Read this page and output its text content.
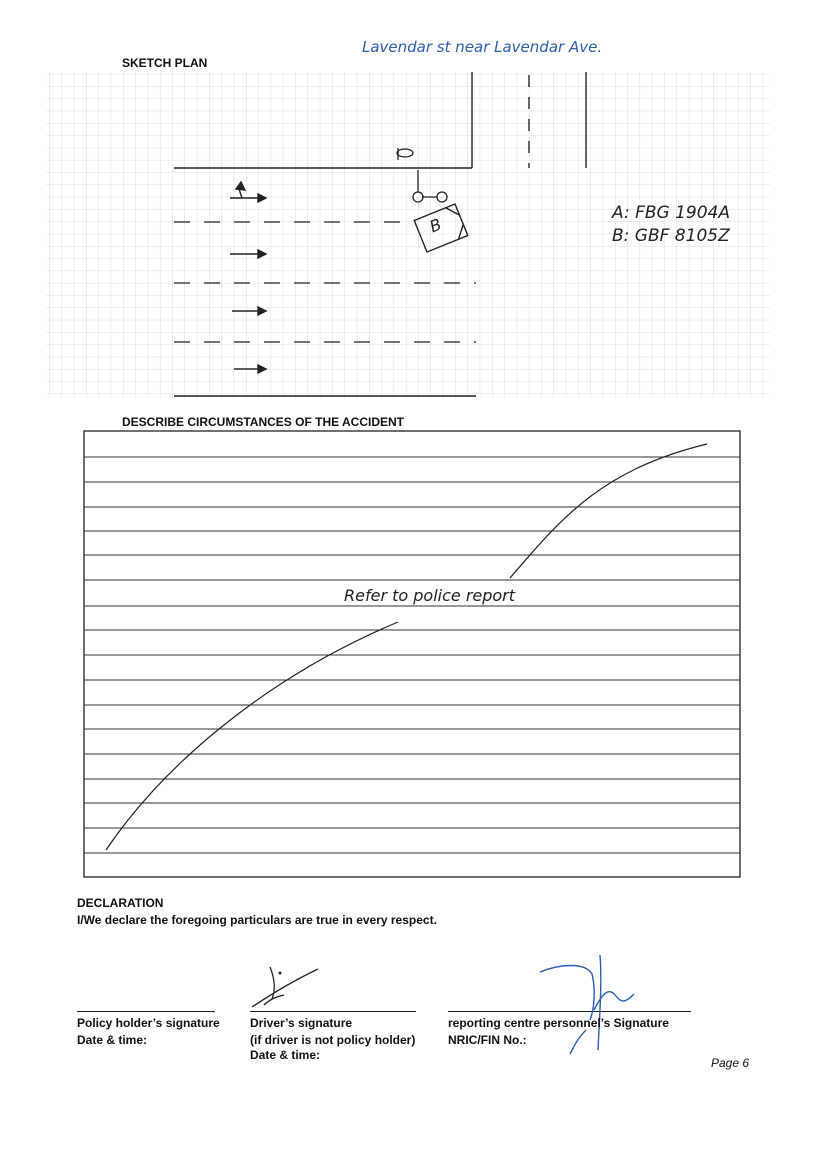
SKETCH PLAN
Lavendar st near Lavendar Ave.
B
A: FBG 1904A
B: GBF 8105Z
DESCRIBE CIRCUMSTANCES OF THE ACCIDENT
Refer to police report
DECLARATION
I/We declare the foregoing particulars are true in every respect.
Policy holder’s signature
Date & time:
Driver’s signature
(if driver is not policy holder)
Date & time:
reporting centre personnel’s Signature
NRIC/FIN No.:
Page 6
